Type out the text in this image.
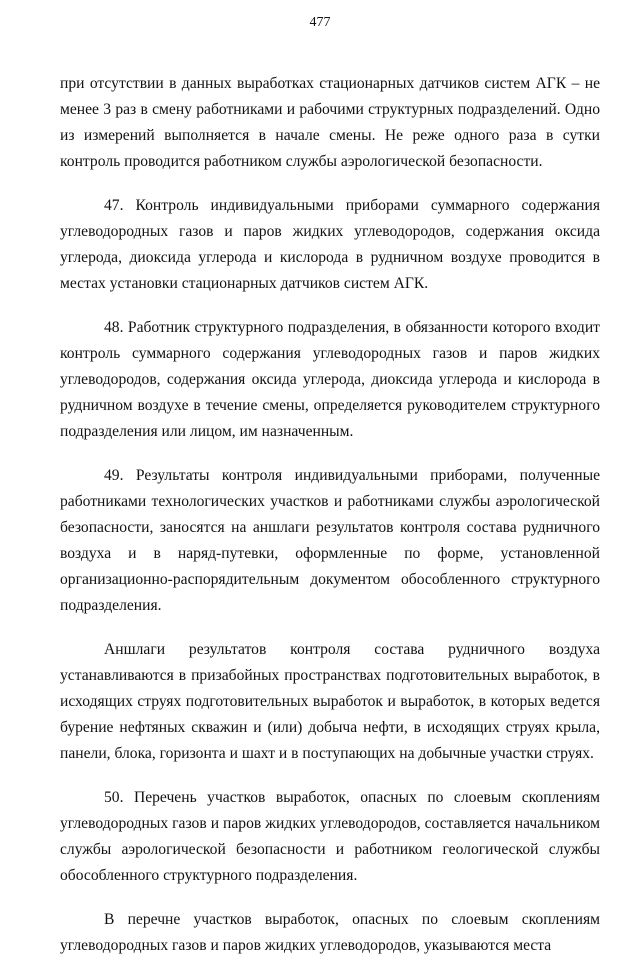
477

при отсутствии в данных выработках стационарных датчиков систем АГК – не менее 3 раз в смену работниками и рабочими структурных подразделений. Одно из измерений выполняется в начале смены. Не реже одного раза в сутки контроль проводится работником службы аэрологической безопасности.

47. Контроль индивидуальными приборами суммарного содержания углеводородных газов и паров жидких углеводородов, содержания оксида углерода, диоксида углерода и кислорода в рудничном воздухе проводится в местах установки стационарных датчиков систем АГК.

48. Работник структурного подразделения, в обязанности которого входит контроль суммарного содержания углеводородных газов и паров жидких углеводородов, содержания оксида углерода, диоксида углерода и кислорода в рудничном воздухе в течение смены, определяется руководителем структурного подразделения или лицом, им назначенным.

49. Результаты контроля индивидуальными приборами, полученные работниками технологических участков и работниками службы аэрологической безопасности, заносятся на аншлаги результатов контроля состава рудничного воздуха и в наряд-путевки, оформленные по форме, установленной организационно-распорядительным документом обособленного структурного подразделения.

Аншлаги результатов контроля состава рудничного воздуха устанавливаются в призабойных пространствах подготовительных выработок, в исходящих струях подготовительных выработок и выработок, в которых ведется бурение нефтяных скважин и (или) добыча нефти, в исходящих струях крыла, панели, блока, горизонта и шахт и в поступающих на добычные участки струях.

50. Перечень участков выработок, опасных по слоевым скоплениям углеводородных газов и паров жидких углеводородов, составляется начальником службы аэрологической безопасности и работником геологической службы обособленного структурного подразделения.

В перечне участков выработок, опасных по слоевым скоплениям углеводородных газов и паров жидких углеводородов, указываются места
